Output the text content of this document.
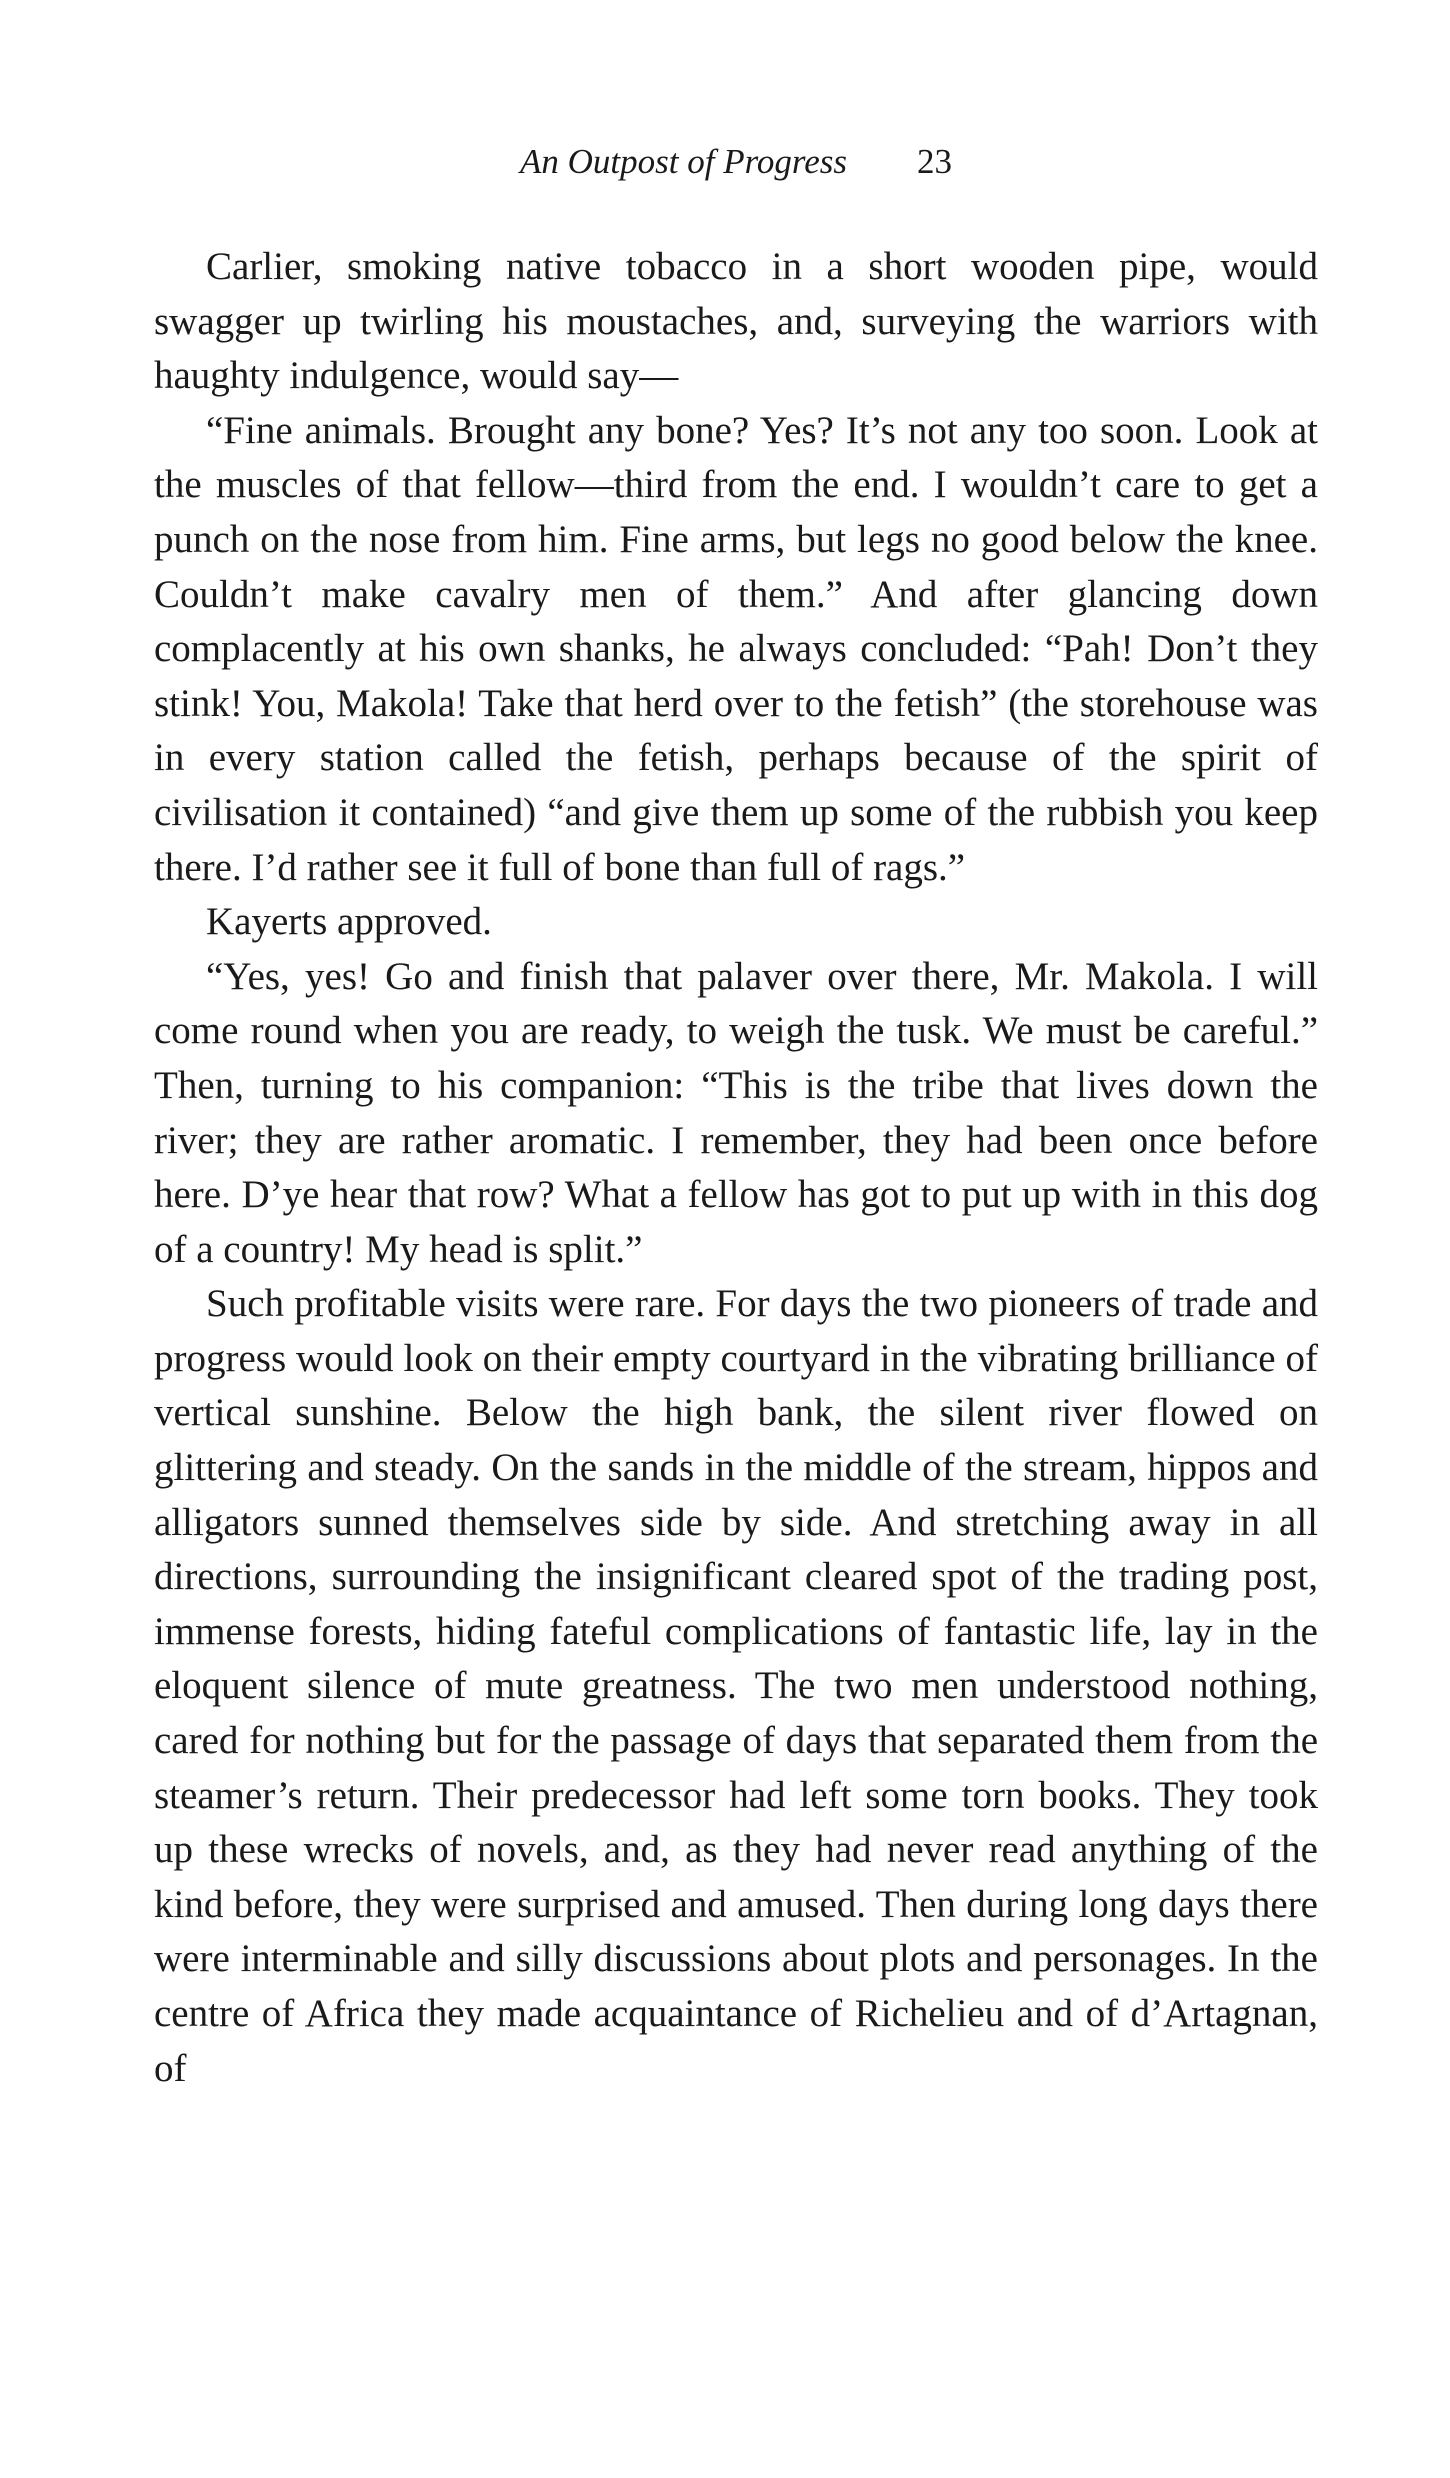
An Outpost of Progress 23

Carlier, smoking native tobacco in a short wooden pipe, would swagger up twirling his moustaches, and, surveying the warriors with haughty indulgence, would say—

“Fine animals. Brought any bone? Yes? It’s not any too soon. Look at the muscles of that fellow—third from the end. I wouldn’t care to get a punch on the nose from him. Fine arms, but legs no good below the knee. Couldn’t make cavalry men of them.” And after glancing down complacently at his own shanks, he always concluded: “Pah! Don’t they stink! You, Makola! Take that herd over to the fetish” (the storehouse was in every station called the fetish, perhaps because of the spirit of civilisation it contained) “and give them up some of the rubbish you keep there. I’d rather see it full of bone than full of rags.”

Kayerts approved.

“Yes, yes! Go and finish that palaver over there, Mr. Makola. I will come round when you are ready, to weigh the tusk. We must be careful.” Then, turning to his companion: “This is the tribe that lives down the river; they are rather aromatic. I remember, they had been once before here. D’ye hear that row? What a fellow has got to put up with in this dog of a country! My head is split.”

Such profitable visits were rare. For days the two pioneers of trade and progress would look on their empty courtyard in the vibrating brilliance of vertical sunshine. Below the high bank, the silent river flowed on glittering and steady. On the sands in the middle of the stream, hippos and alligators sunned themselves side by side. And stretching away in all directions, surrounding the insignificant cleared spot of the trading post, immense forests, hiding fateful complications of fantastic life, lay in the eloquent silence of mute greatness. The two men understood nothing, cared for nothing but for the passage of days that separated them from the steamer’s return. Their predecessor had left some torn books. They took up these wrecks of novels, and, as they had never read anything of the kind before, they were surprised and amused. Then during long days there were interminable and silly discussions about plots and personages. In the centre of Africa they made acquaintance of Richelieu and of d’Artagnan, of
